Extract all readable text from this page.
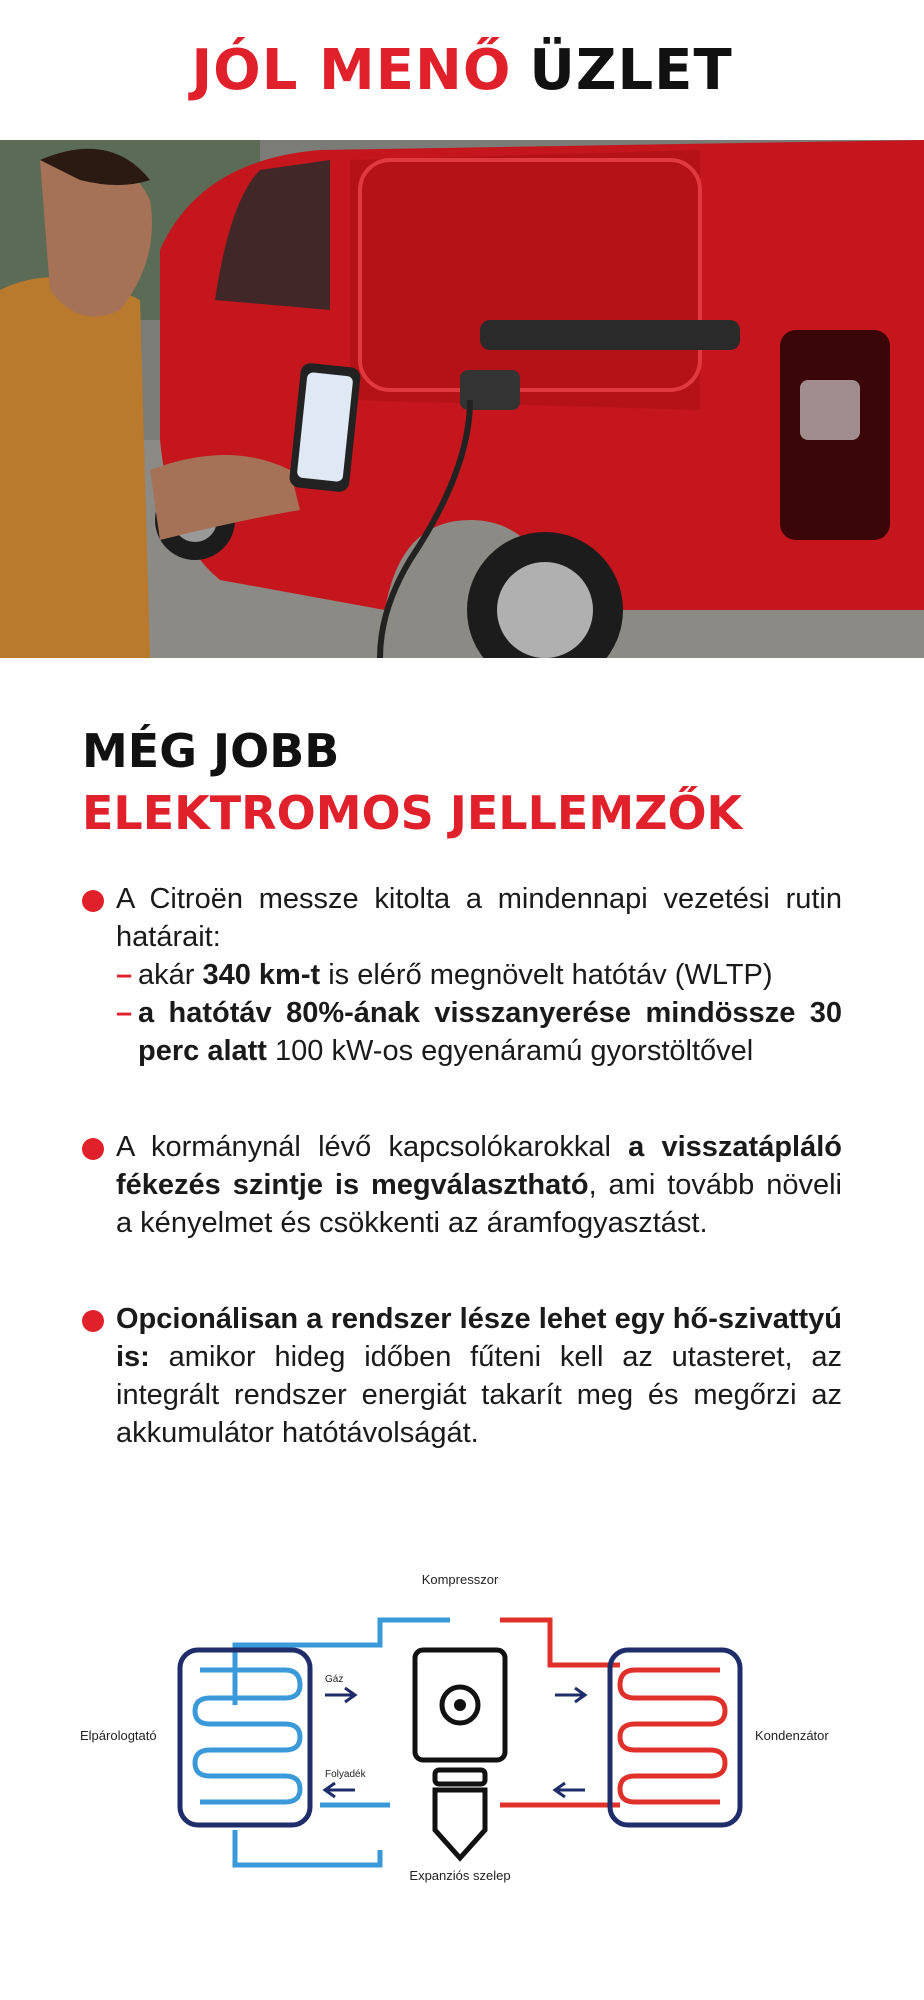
JÓL MENŐ ÜZLET
MÉG JOBB
ELEKTROMOS JELLEMZŐK
A Citroën messze kitolta a mindennapi vezetési rutin határait:
– akár 340 km-t is elérő megnövelt hatótáv (WLTP)
– a hatótáv 80%-ának visszanyerése mindössze 30 perc alatt 100 kW-os egyenáramú gyorstöltővel
A kormánynál lévő kapcsolókarokkal a visszatápláló fékezés szintje is megválasztható, ami tovább növeli a kényelmet és csökkenti az áramfogyasztást.
Opcionálisan a rendszer lésze lehet egy hő-szivattyú is: amikor hideg időben fűteni kell az utasteret, az integrált rendszer energiát takarít meg és megőrzi az akkumulátor hatótávolságát.
Kompresszor
Elpárologtató	Kondenzátor
Expanziós szelep
Gáz
Folyadék
